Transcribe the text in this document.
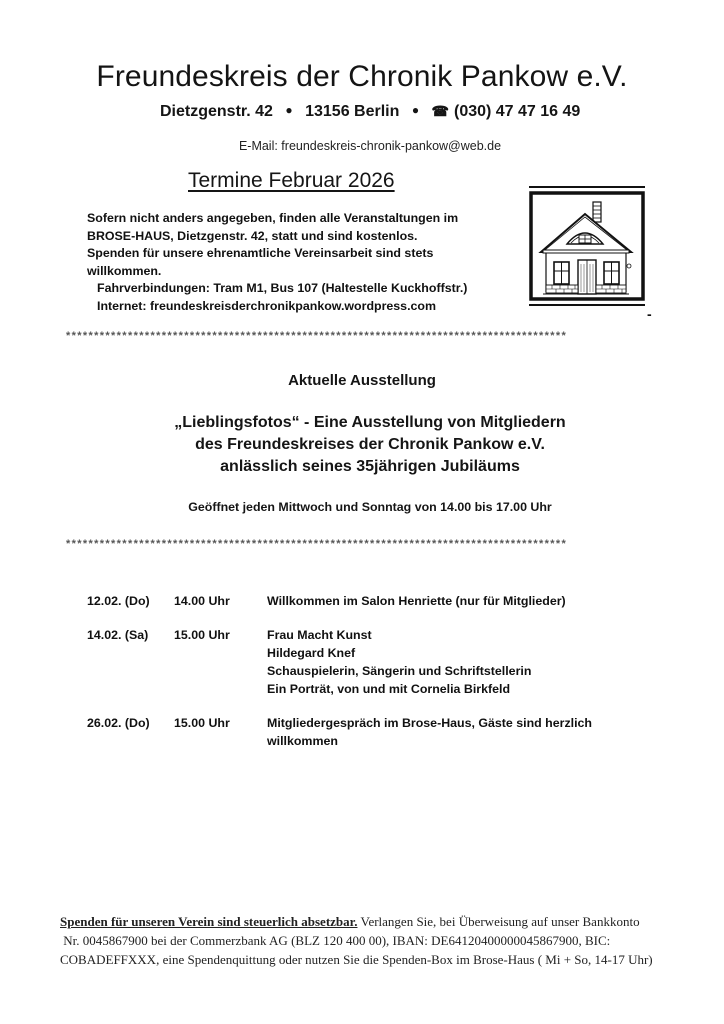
Freundeskreis der Chronik Pankow e.V.
Dietzgenstr. 42 ● 13156 Berlin ● ☎ (030) 47 47 16 49
E-Mail: freundeskreis-chronik-pankow@web.de
Termine Februar 2026
Sofern nicht anders angegeben, finden alle Veranstaltungen im
BROSE-HAUS, Dietzgenstr. 42, statt und sind kostenlos.
Spenden für unsere ehrenamtliche Vereinsarbeit sind stets
willkommen.
Fahrverbindungen: Tram M1, Bus 107 (Haltestelle Kuckhoffstr.)
Internet: freundeskreisderchronikpankow.wordpress.com
-
*****************************************************************************************
Aktuelle Ausstellung
„Lieblingsfotos“ - Eine Ausstellung von Mitgliedern
des Freundeskreises der Chronik Pankow e.V.
anlässlich seines 35jährigen Jubiläums
Geöffnet jeden Mittwoch und Sonntag von 14.00 bis 17.00 Uhr
*****************************************************************************************
12.02. (Do)	14.00 Uhr	Willkommen im Salon Henriette (nur für Mitglieder)
14.02. (Sa)	15.00 Uhr	Frau Macht Kunst
Hildegard Knef
Schauspielerin, Sängerin und Schriftstellerin
Ein Porträt, von und mit Cornelia Birkfeld
26.02. (Do)	15.00 Uhr	Mitgliedergespräch im Brose-Haus, Gäste sind herzlich
willkommen
Spenden für unseren Verein sind steuerlich absetzbar. Verlangen Sie, bei Überweisung auf unser Bankkonto
Nr. 0045867900 bei der Commerzbank AG (BLZ 120 400 00), IBAN: DE64120400000045867900, BIC:
COBADEFFXXX, eine Spendenquittung oder nutzen Sie die Spenden-Box im Brose-Haus ( Mi + So, 14-17 Uhr)
